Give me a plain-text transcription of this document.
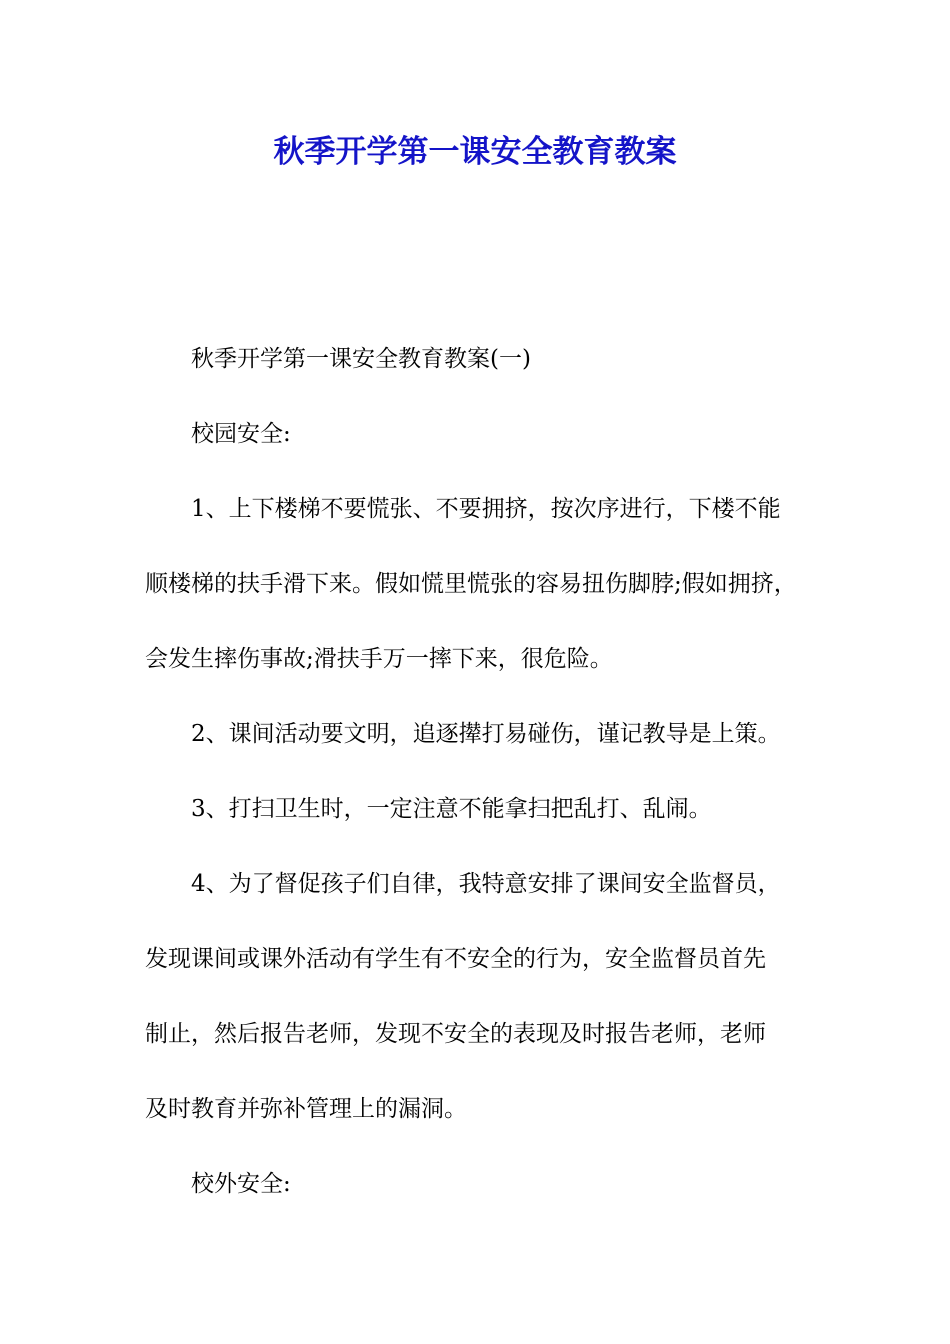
秋季开学第一课安全教育教案

秋季开学第一课安全教育教案(一)

校园安全:

1、上下楼梯不要慌张、不要拥挤，按次序进行，下楼不能

顺楼梯的扶手滑下来。假如慌里慌张的容易扭伤脚脖;假如拥挤，

会发生摔伤事故;滑扶手万一摔下来，很危险。

2、课间活动要文明，追逐撵打易碰伤，谨记教导是上策。

3、打扫卫生时，一定注意不能拿扫把乱打、乱闹。

4、为了督促孩子们自律，我特意安排了课间安全监督员，

发现课间或课外活动有学生有不安全的行为，安全监督员首先

制止，然后报告老师，发现不安全的表现及时报告老师，老师

及时教育并弥补管理上的漏洞。

校外安全:
